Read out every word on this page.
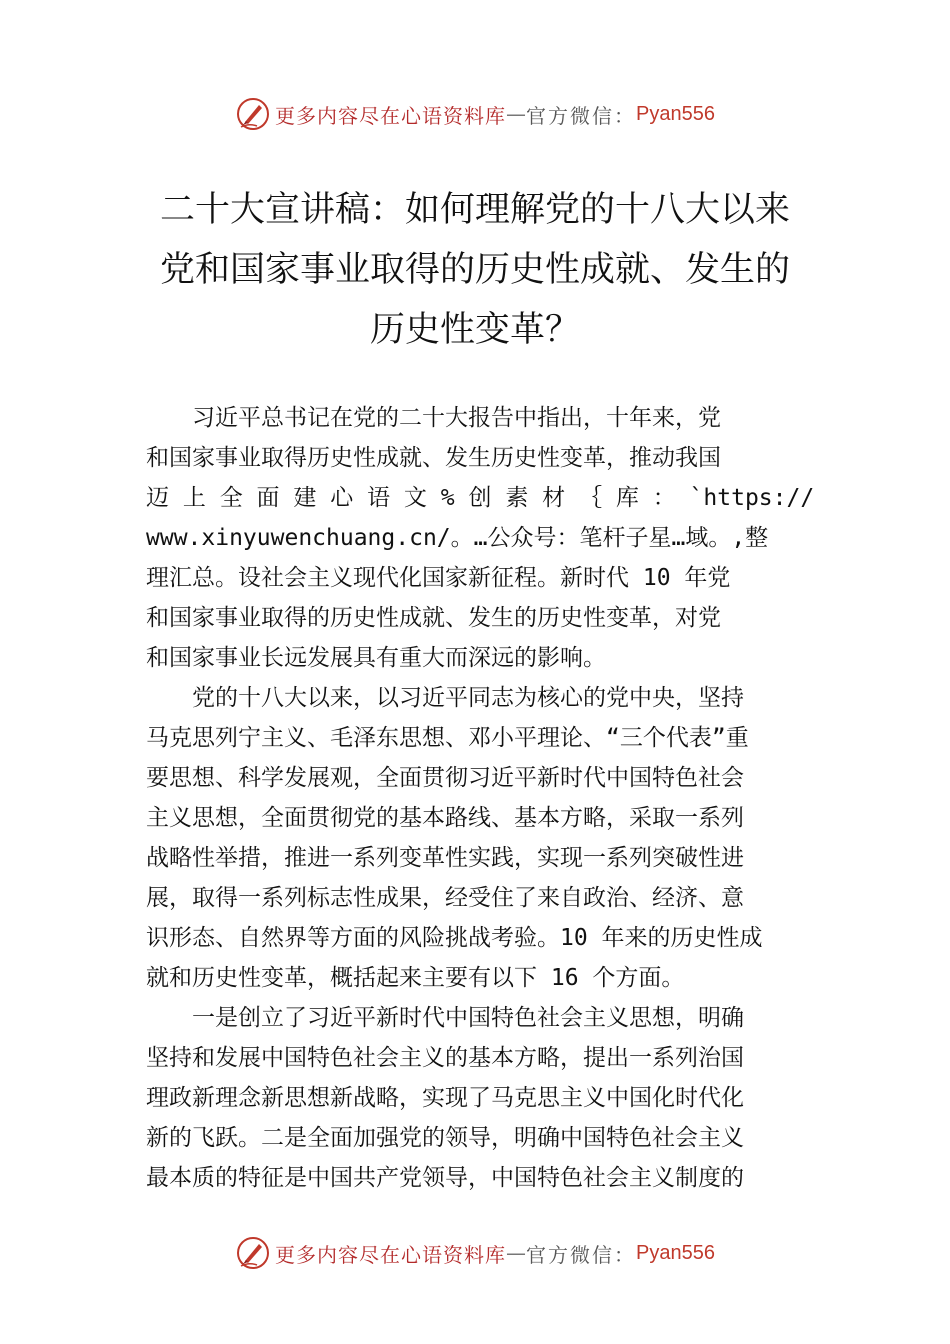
更多内容尽在心语资料库 — 官方微信： Pyan556
二十大宣讲稿：如何理解党的十八大以来
党和国家事业取得的历史性成就、发生的
历史性变革？
　　习近平总书记在党的二十大报告中指出，十年来，党
和国家事业取得历史性成就、发生历史性变革，推动我国
迈 上 全 面 建 心 语 文 % 创 素 材 ｛ 库 ： `https://
www.xinyuwenchuang.cn/。…公众号：笔杆子星…域。,整
理汇总。设社会主义现代化国家新征程。新时代 10 年党
和国家事业取得的历史性成就、发生的历史性变革，对党
和国家事业长远发展具有重大而深远的影响。
　　党的十八大以来，以习近平同志为核心的党中央，坚持
马克思列宁主义、毛泽东思想、邓小平理论、“三个代表”重
要思想、科学发展观，全面贯彻习近平新时代中国特色社会
主义思想，全面贯彻党的基本路线、基本方略，采取一系列
战略性举措，推进一系列变革性实践，实现一系列突破性进
展，取得一系列标志性成果，经受住了来自政治、经济、意
识形态、自然界等方面的风险挑战考验。10 年来的历史性成
就和历史性变革，概括起来主要有以下 16 个方面。
　　一是创立了习近平新时代中国特色社会主义思想，明确
坚持和发展中国特色社会主义的基本方略，提出一系列治国
理政新理念新思想新战略，实现了马克思主义中国化时代化
新的飞跃。二是全面加强党的领导，明确中国特色社会主义
最本质的特征是中国共产党领导，中国特色社会主义制度的
更多内容尽在心语资料库 — 官方微信： Pyan556
